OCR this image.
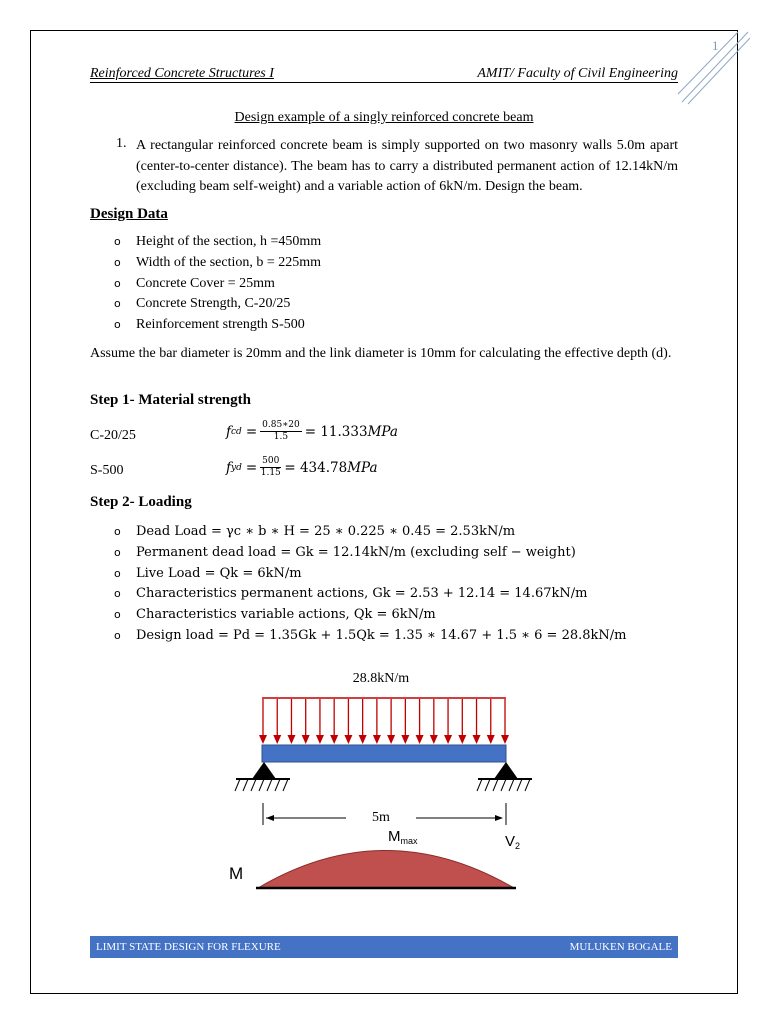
1
Reinforced Concrete Structures I	AMIT/ Faculty of Civil Engineering
Design example of a singly reinforced concrete beam
1. A rectangular reinforced concrete beam is simply supported on two masonry walls 5.0m apart (center-to-center distance). The beam has to carry a distributed permanent action of 12.14kN/m (excluding beam self-weight) and a variable action of 6kN/m. Design the beam.
Design Data
o Height of the section, h =450mm
o Width of the section, b = 225mm
o Concrete Cover = 25mm
o Concrete Strength, C-20/25
o Reinforcement strength S-500
Assume the bar diameter is 20mm and the link diameter is 10mm for calculating the effective depth (d).
Step 1- Material strength
C-20/25	f cd = $\frac{0.85∗20}{1.5} = 11.333$ MPa
S-500	f yd = $\frac{500}{1.15} = 434.78$ MPa
Step 2- Loading
o Dead Load = γc ∗ b ∗ H = 25 ∗ 0.225 ∗ 0.45 = 2.53kN/m
o Permanent dead load = Gk = 12.14kN/m (excluding self − weight)
o Live Load = Qk = 6kN/m
o Characteristics permanent actions, Gk = 2.53 + 12.14 = 14.67kN/m
o Characteristics variable actions, Qk = 6kN/m
o Design load = Pd = 1.35Gk + 1.5Qk = 1.35 ∗ 14.67 + 1.5 ∗ 6 = 28.8kN/m
28.8kN/m
5m
$M_{max}$	$V_2$
M
LIMIT STATE DESIGN FOR FLEXURE	MULUKEN BOGALE
